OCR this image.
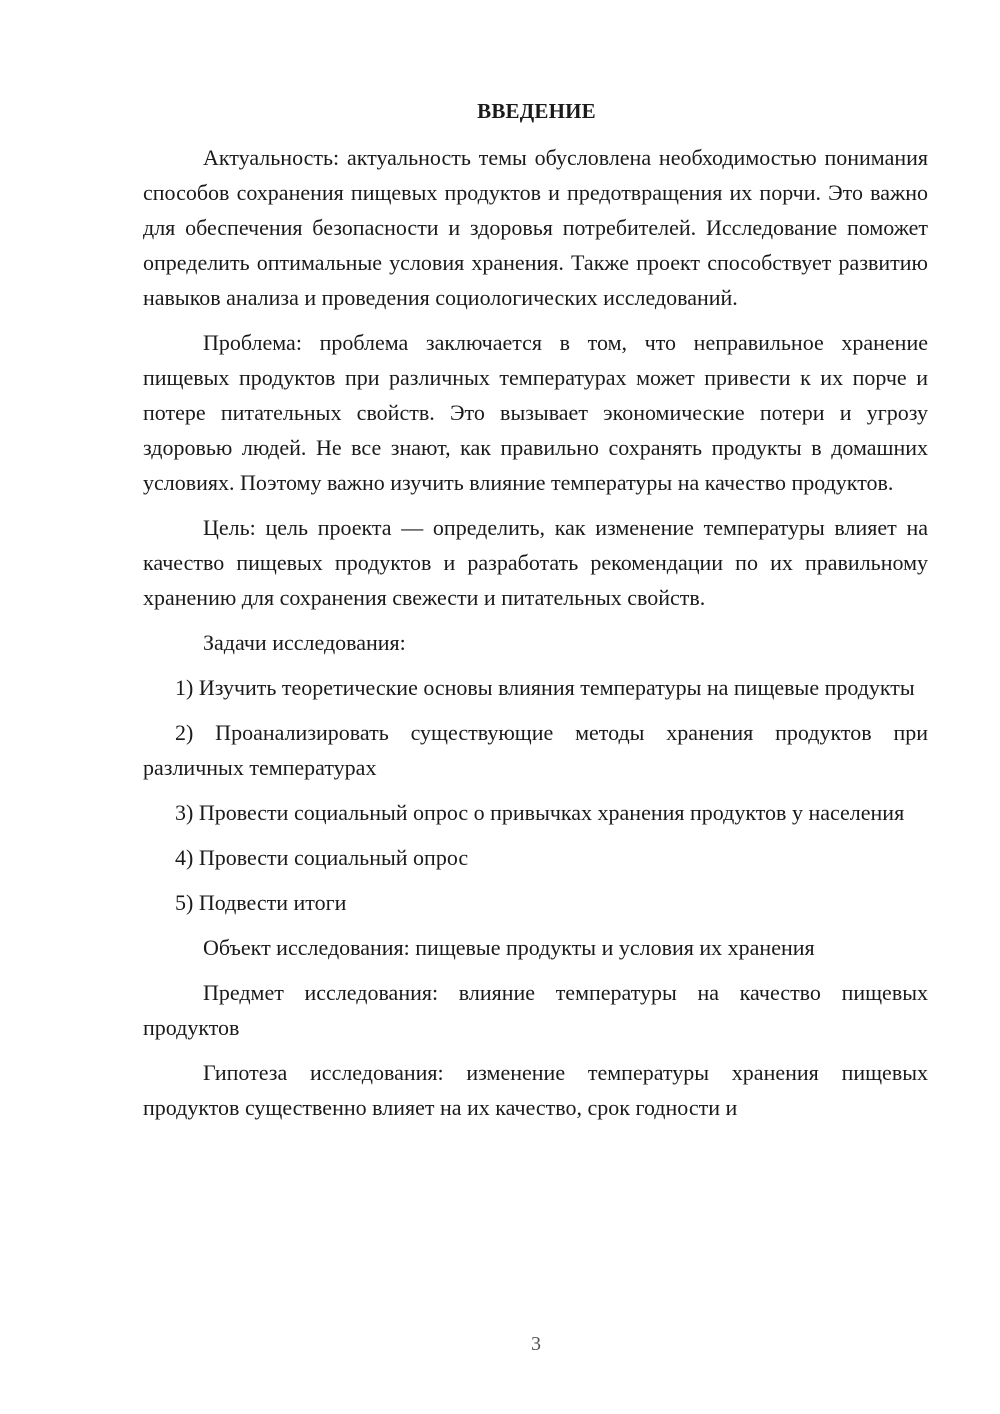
ВВЕДЕНИЕ

Актуальность: актуальность темы обусловлена необходимостью понимания способов сохранения пищевых продуктов и предотвращения их порчи. Это важно для обеспечения безопасности и здоровья потребителей. Исследование поможет определить оптимальные условия хранения. Также проект способствует развитию навыков анализа и проведения социологических исследований.

Проблема: проблема заключается в том, что неправильное хранение пищевых продуктов при различных температурах может привести к их порче и потере питательных свойств. Это вызывает экономические потери и угрозу здоровью людей. Не все знают, как правильно сохранять продукты в домашних условиях. Поэтому важно изучить влияние температуры на качество продуктов.

Цель: цель проекта — определить, как изменение температуры влияет на качество пищевых продуктов и разработать рекомендации по их правильному хранению для сохранения свежести и питательных свойств.

Задачи исследования:

1) Изучить теоретические основы влияния температуры на пищевые продукты

2) Проанализировать существующие методы хранения продуктов при различных температурах

3) Провести социальный опрос о привычках хранения продуктов у населения

4) Провести социальный опрос

5) Подвести итоги

Объект исследования: пищевые продукты и условия их хранения

Предмет исследования: влияние температуры на качество пищевых продуктов

Гипотеза исследования: изменение температуры хранения пищевых продуктов существенно влияет на их качество, срок годности и

3
